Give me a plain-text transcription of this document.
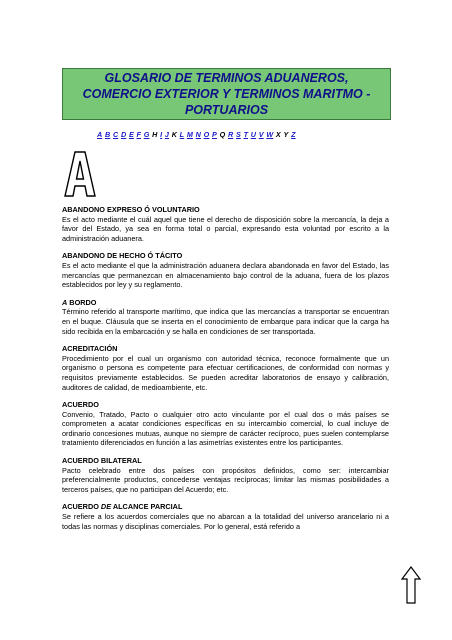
GLOSARIO DE TERMINOS ADUANEROS,
COMERCIO EXTERIOR Y TERMINOS MARITMO -
PORTUARIOS
A B C D E F G H I J K L M N O P Q R S T U V W X Y Z

ABANDONO EXPRESO Ó VOLUNTARIO

Es el acto mediante el cuál aquel que tiene el derecho de disposición sobre la mercancía, la deja a favor del Estado, ya sea en forma total o parcial, expresando esta voluntad por escrito a la administración aduanera.

ABANDONO DE HECHO Ó TÁCITO

Es el acto mediante el que la administración aduanera declara abandonada en favor del Estado, las mercancías que permanezcan en almacenamiento bajo control de la aduana, fuera de los plazos establecidos por ley y su reglamento.

A BORDO

Término referido al transporte marítimo, que indica que las mercancías a transportar se encuentran en el buque. Cláusula que se inserta en el conocimiento de embarque para indicar que la carga ha sido recibida en la embarcación y se halla en condiciones de ser transportada.

ACREDITACIÓN

Procedimiento por el cual un organismo con autoridad técnica, reconoce formalmente que un organismo o persona es competente para efectuar certificaciones, de conformidad con normas y requisitos previamente establecidos. Se pueden acreditar laboratorios de ensayo y calibración, auditores de calidad, de medioambiente, etc.

ACUERDO

Convenio, Tratado, Pacto o cualquier otro acto vinculante por el cual dos o más países se comprometen a acatar condiciones específicas en su intercambio comercial, lo cual incluye de ordinario concesiones mutuas, aunque no siempre de carácter recíproco, pues suelen contemplarse tratamiento diferenciados en función a las asimetrías existentes entre los participantes.

ACUERDO BILATERAL

Pacto celebrado entre dos países con propósitos definidos, como ser: intercambiar preferencialmente productos, concederse ventajas recíprocas; limitar las mismas posibilidades a terceros países, que no participan del Acuerdo; etc.

ACUERDO DE ALCANCE PARCIAL

Se refiere a los acuerdos comerciales que no abarcan a la totalidad del universo arancelario ni a todas las normas y disciplinas comerciales. Por lo general, está referido a
